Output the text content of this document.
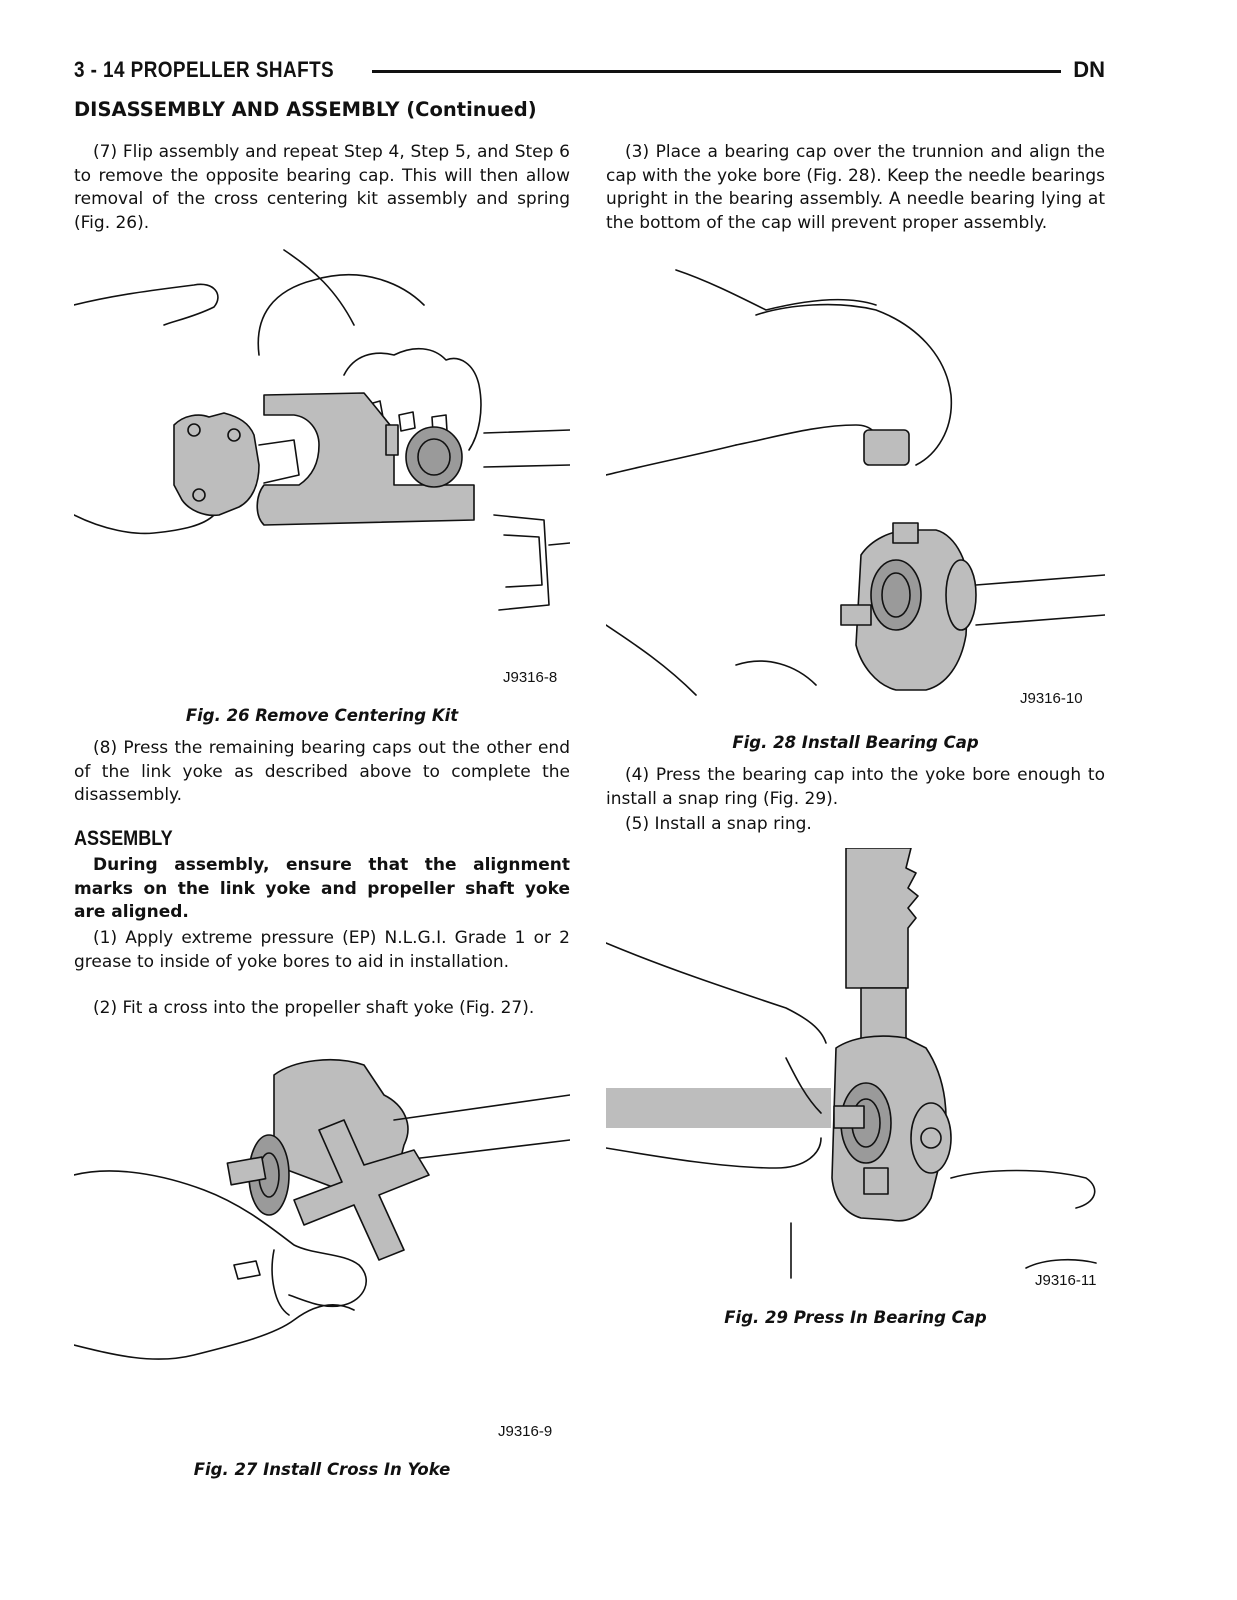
3 - 14 PROPELLER SHAFTS	DN
DISASSEMBLY AND ASSEMBLY (Continued)

(7) Flip assembly and repeat Step 4, Step 5, and Step 6 to remove the opposite bearing cap. This will then allow removal of the cross centering kit assembly and spring (Fig. 26).

J9316-8
Fig. 26 Remove Centering Kit

(8) Press the remaining bearing caps out the other end of the link yoke as described above to complete the disassembly.

ASSEMBLY

During assembly, ensure that the alignment marks on the link yoke and propeller shaft yoke are aligned.

(1) Apply extreme pressure (EP) N.L.G.I. Grade 1 or 2 grease to inside of yoke bores to aid in installation.

(2) Fit a cross into the propeller shaft yoke (Fig. 27).

J9316-9
Fig. 27 Install Cross In Yoke

(3) Place a bearing cap over the trunnion and align the cap with the yoke bore (Fig. 28). Keep the needle bearings upright in the bearing assembly. A needle bearing lying at the bottom of the cap will prevent proper assembly.

J9316-10
Fig. 28 Install Bearing Cap

(4) Press the bearing cap into the yoke bore enough to install a snap ring (Fig. 29).

(5) Install a snap ring.

J9316-11
Fig. 29 Press In Bearing Cap
